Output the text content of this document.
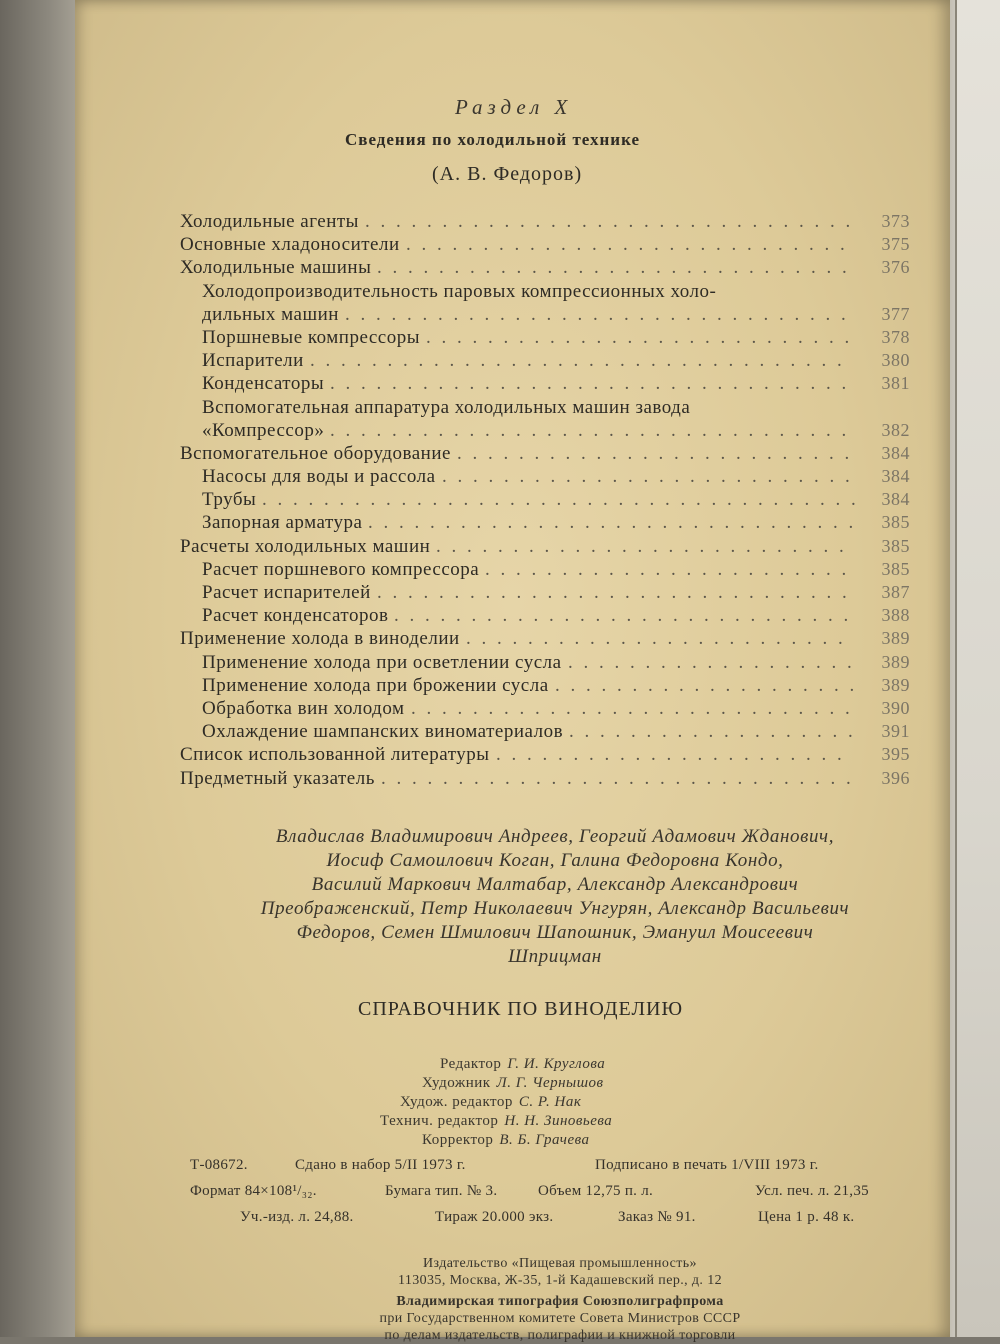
Раздел X
Сведения по холодильной технике
(А. В. Федоров)
Холодильные агенты . . . . . . . . . . . . . . . . . . . . . . . . . . . . . . . .	373
Основные хладоносители . . . . . . . . . . . . . . . . . . . . . . . . . . . . .	375
Холодильные машины . . . . . . . . . . . . . . . . . . . . . . . . . . . . . . .	376
Холодопроизводительность паровых компрессионных холо-
дильных машин . . . . . . . . . . . . . . . . . . . . . . . . . . . . . . . . .	377
Поршневые компрессоры . . . . . . . . . . . . . . . . . . . . . . . . . . . .	378
Испарители . . . . . . . . . . . . . . . . . . . . . . . . . . . . . . . . . . .	380
Конденсаторы . . . . . . . . . . . . . . . . . . . . . . . . . . . . . . . . . .	381
Вспомогательная аппаратура холодильных машин завода
«Компрессор» . . . . . . . . . . . . . . . . . . . . . . . . . . . . . . . . . .	382
Вспомогательное оборудование . . . . . . . . . . . . . . . . . . . . . . . . . .	384
Насосы для воды и рассола . . . . . . . . . . . . . . . . . . . . . . . . . . .	384
Трубы . . . . . . . . . . . . . . . . . . . . . . . . . . . . . . . . . . . . . . .	384
Запорная арматура . . . . . . . . . . . . . . . . . . . . . . . . . . . . . . . .	385
Расчеты холодильных машин . . . . . . . . . . . . . . . . . . . . . . . . . . .	385
Расчет поршневого компрессора . . . . . . . . . . . . . . . . . . . . . . . .	385
Расчет испарителей . . . . . . . . . . . . . . . . . . . . . . . . . . . . . . .	387
Расчет конденсаторов . . . . . . . . . . . . . . . . . . . . . . . . . . . . . .	388
Применение холода в виноделии . . . . . . . . . . . . . . . . . . . . . . . . .	389
Применение холода при осветлении сусла . . . . . . . . . . . . . . . . . . .	389
Применение холода при брожении сусла . . . . . . . . . . . . . . . . . . . .	389
Обработка вин холодом . . . . . . . . . . . . . . . . . . . . . . . . . . . . .	390
Охлаждение шампанских виноматериалов . . . . . . . . . . . . . . . . . . .	391
Список использованной литературы . . . . . . . . . . . . . . . . . . . . . . .	395
Предметный указатель . . . . . . . . . . . . . . . . . . . . . . . . . . . . . . .	396
Владислав Владимирович Андреев, Георгий Адамович Жданович,
Иосиф Самоилович Коган, Галина Федоровна Кондо,
Василий Маркович Малтабар, Александр Александрович
Преображенский, Петр Николаевич Унгурян, Александр Васильевич
Федоров, Семен Шмилович Шапошник, Эмануил Моисеевич
Шприцман
СПРАВОЧНИК ПО ВИНОДЕЛИЮ
Редактор Г. И. Круглова
Художник Л. Г. Чернышов
Худож. редактор С. Р. Нак
Технич. редактор Н. Н. Зиновьева
Корректор В. Б. Грачева
Т-08672.	Сдано в набор 5/II 1973 г.	Подписано в печать 1/VIII 1973 г.
Формат 84×108¹/₃₂.	Бумага тип. № 3.	Объем 12,75 п. л.	Усл. печ. л. 21,35
Уч.-изд. л. 24,88.	Тираж 20.000 экз.	Заказ № 91.	Цена 1 р. 48 к.
Издательство «Пищевая промышленность»
113035, Москва, Ж-35, 1-й Кадашевский пер., д. 12
Владимирская типография Союзполиграфпрома
при Государственном комитете Совета Министров СССР
по делам издательств, полиграфии и книжной торговли
